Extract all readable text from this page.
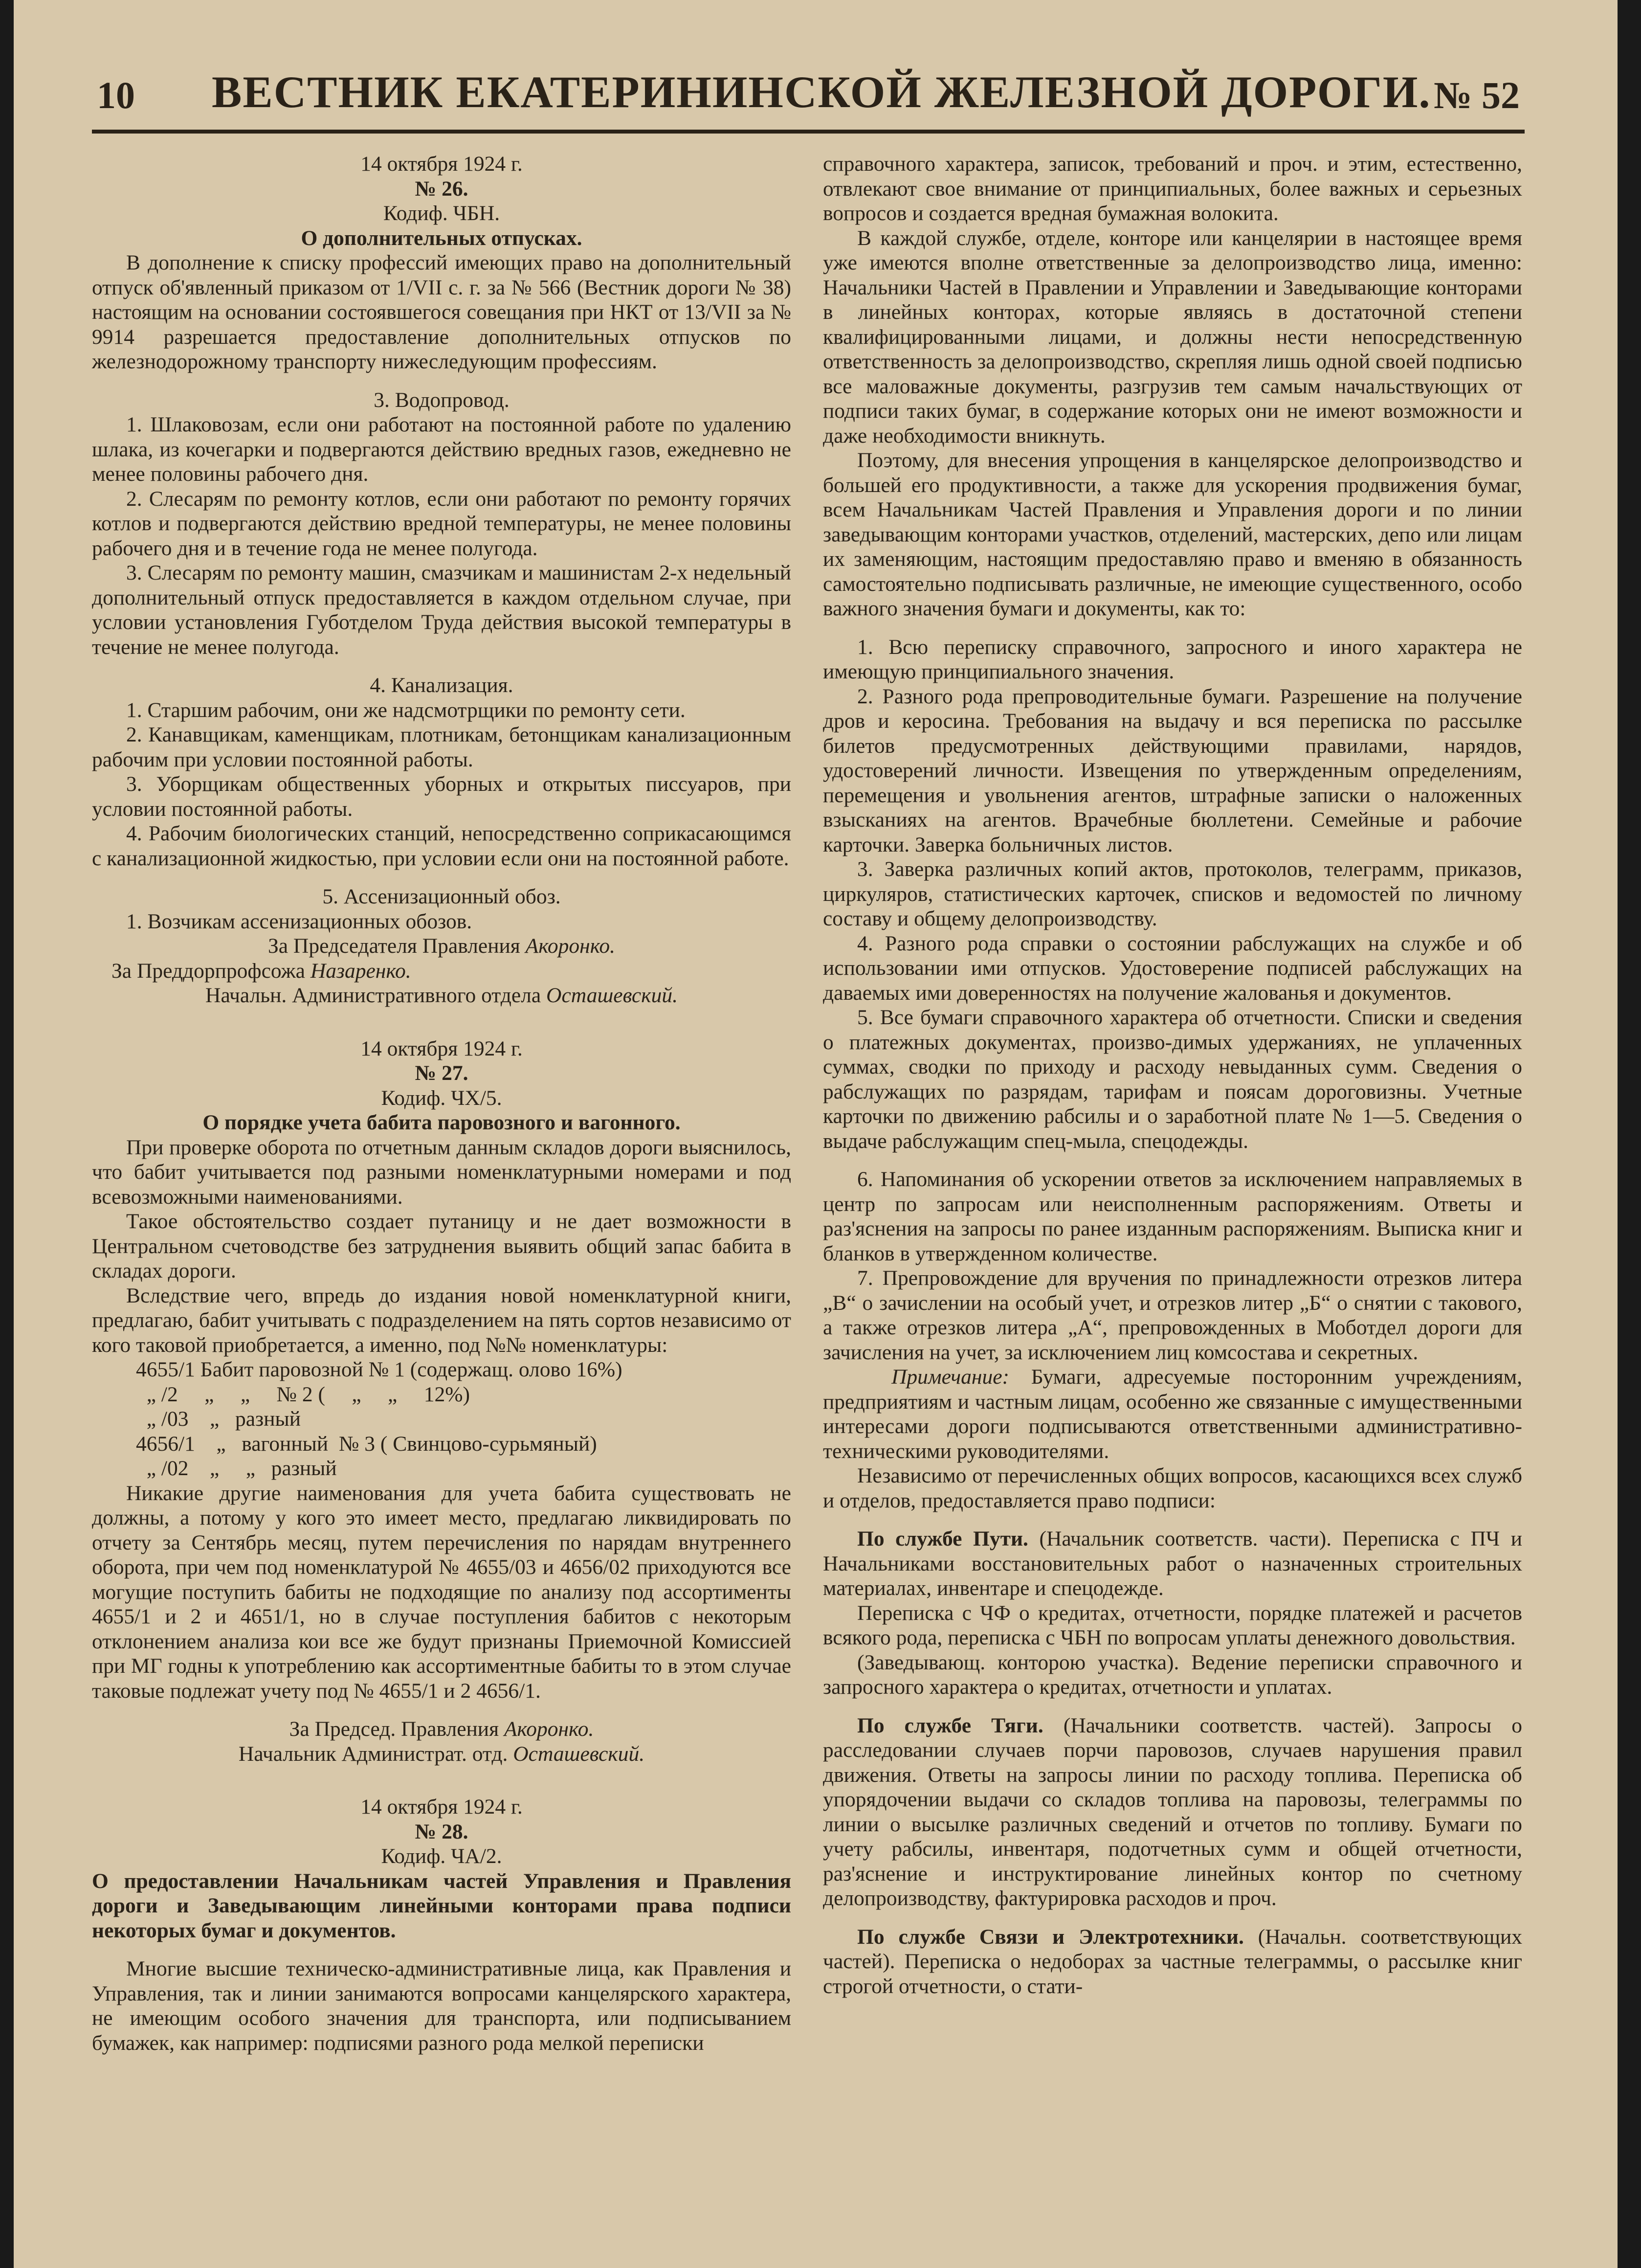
10 ВЕСТНИК ЕКАТЕРИНИНСКОЙ ЖЕЛЕЗНОЙ ДОРОГИ. № 52
14 октября 1924 г.
№ 26.
Кодиф. ЧБН.
О дополнительных отпусках.

В дополнение к списку профессий имеющих право на дополнительный отпуск об'явленный приказом от 1/VII с. г. за № 566 (Вестник дороги № 38) настоящим на основании состоявшегося совещания при НКТ от 13/VII за № 9914 разрешается предоставление дополнительных отпусков по железнодорожному транспорту нижеследующим профессиям.

3. Водопровод.

1. Шлаковозам, если они работают на постоянной работе по удалению шлака, из кочегарки и подвергаются действию вредных газов, ежедневно не менее половины рабочего дня.

2. Слесарям по ремонту котлов, если они работают по ремонту горячих котлов и подвергаются действию вредной температуры, не менее половины рабочего дня и в течение года не менее полугода.

3. Слесарям по ремонту машин, смазчикам и машинистам 2-х недельный дополнительный отпуск предоставляется в каждом отдельном случае, при условии установления Губотделом Труда действия высокой температуры в течение не менее полугода.

4. Канализация.

1. Старшим рабочим, они же надсмотрщики по ремонту сети.

2. Канавщикам, каменщикам, плотникам, бетонщикам канализационным рабочим при условии постоянной работы.

3. Уборщикам общественных уборных и открытых писсуаров, при условии постоянной работы.

4. Рабочим биологических станций, непосредственно соприкасающимся с канализационной жидкостью, при условии если они на постоянной работе.

5. Ассенизационный обоз.

1. Возчикам ассенизационных обозов.

За Председателя Правления Акоронко.
За Преддорпрофсожа Назаренко.
Начальн. Административного отдела Осташевский.
14 октября 1924 г.
№ 27.
Кодиф. ЧХ/5.
О порядке учета бабита паровозного и вагонного.

При проверке оборота по отчетным данным складов дороги выяснилось, что бабит учитывается под разными номенклатурными номерами и под всевозможными наименованиями.

Такое обстоятельство создает путаницу и не дает возможности в Центральном счетоводстве без затруднения выявить общий запас бабита в складах дороги.

Вследствие чего, впредь до издания новой номенклатурной книги, предлагаю, бабит учитывать с подразделением на пять сортов независимо от кого таковой приобретается, а именно, под №№ номенклатуры:

4655/1 Бабит паровозной № 1 (содержащ. олово 16%)

„ /2     „     „     № 2 (     „     „     12%)

„ /03    „   разный

4656/1    „   вагонный  № 3 ( Свинцово-сурьмяный)

„ /02    „     „   разный

Никакие другие наименования для учета бабита существовать не должны, а потому у кого это имеет место, предлагаю ликвидировать по отчету за Сентябрь месяц, путем перечисления по нарядам внутреннего оборота, при чем под номенклатурой № 4655/03 и 4656/02 приходуются все могущие поступить бабиты не подходящие по анализу под ассортименты 4655/1 и 2 и 4651/1, но в случае поступления бабитов с некоторым отклонением анализа кои все же будут признаны Приемочной Комиссией при МГ годны к употреблению как ассортиментные бабиты то в этом случае таковые подлежат учету под № 4655/1 и 2 4656/1.

За Председ. Правления Акоронко.
Начальник Администрат. отд. Осташевский.
14 октября 1924 г.
№ 28.
Кодиф. ЧА/2.
О предоставлении Начальникам частей Управления и Правления дороги и Заведывающим линейными конторами права подписи некоторых бумаг и документов.

Многие высшие техническо-административные лица, как Правления и Управления, так и линии занимаются вопросами канцелярского характера, не имеющим особого значения для транспорта, или подписыванием бумажек, как например: подписями разного рода мелкой переписки

справочного характера, записок, требований и проч. и этим, естественно, отвлекают свое внимание от принципиальных, более важных и серьезных вопросов и создается вредная бумажная волокита.

В каждой службе, отделе, конторе или канцелярии в настоящее время уже имеются вполне ответственные за делопроизводство лица, именно: Начальники Частей в Правлении и Управлении и Заведывающие конторами в линейных конторах, которые являясь в достаточной степени квалифицированными лицами, и должны нести непосредственную ответственность за делопроизводство, скрепляя лишь одной своей подписью все маловажные документы, разгрузив тем самым начальствующих от подписи таких бумаг, в содержание которых они не имеют возможности и даже необходимости вникнуть.

Поэтому, для внесения упрощения в канцелярское делопроизводство и большей его продуктивности, а также для ускорения продвижения бумаг, всем Начальникам Частей Правления и Управления дороги и по линии заведывающим конторами участков, отделений, мастерских, депо или лицам их заменяющим, настоящим предоставляю право и вменяю в обязанность самостоятельно подписывать различные, не имеющие существенного, особо важного значения бумаги и документы, как то:

1. Всю переписку справочного, запросного и иного характера не имеющую принципиального значения.

2. Разного рода препроводительные бумаги. Разрешение на получение дров и керосина. Требования на выдачу и вся переписка по рассылке билетов предусмотренных действующими правилами, нарядов, удостоверений личности. Извещения по утвержденным определениям, перемещения и увольнения агентов, штрафные записки о наложенных взысканиях на агентов. Врачебные бюллетени. Семейные и рабочие карточки. Заверка больничных листов.

3. Заверка различных копий актов, протоколов, телеграмм, приказов, циркуляров, статистических карточек, списков и ведомостей по личному составу и общему делопроизводству.

4. Разного рода справки о состоянии рабслужащих на службе и об использовании ими отпусков. Удостоверение подписей рабслужащих на даваемых ими доверенностях на получение жалованья и документов.

5. Все бумаги справочного характера об отчетности. Списки и сведения о платежных документах, произво-димых удержаниях, не уплаченных суммах, сводки по приходу и расходу невыданных сумм. Сведения о рабслужащих по разрядам, тарифам и поясам дороговизны. Учетные карточки по движению рабсилы и о заработной плате № 1—5. Сведения о выдаче рабслужащим спец-мыла, спецодежды.

6. Напоминания об ускорении ответов за исключением направляемых в центр по запросам или неисполненным распоряжениям. Ответы и раз'яснения на запросы по ранее изданным распоряжениям. Выписка книг и бланков в утвержденном количестве.

7. Препровождение для вручения по принадлежности отрезков литера „В“ о зачислении на особый учет, и отрезков литер „Б“ о снятии с такового, а также отрезков литера „А“, препровожденных в Моботдел дороги для зачисления на учет, за исключением лиц комсостава и секретных.

Примечание: Бумаги, адресуемые посторонним учреждениям, предприятиям и частным лицам, особенно же связанные с имущественными интересами дороги подписываются ответственными административно-техническими руководителями.

Независимо от перечисленных общих вопросов, касающихся всех служб и отделов, предоставляется право подписи:

По службе Пути. (Начальник соответств. части). Переписка с ПЧ и Начальниками восстановительных работ о назначенных строительных материалах, инвентаре и спецодежде.

Переписка с ЧФ о кредитах, отчетности, порядке платежей и расчетов всякого рода, переписка с ЧБН по вопросам уплаты денежного довольствия.

(Заведывающ. конторою участка). Ведение переписки справочного и запросного характера о кредитах, отчетности и уплатах.

По службе Тяги. (Начальники соответств. частей). Запросы о расследовании случаев порчи паровозов, случаев нарушения правил движения. Ответы на запросы линии по расходу топлива. Переписка об упорядочении выдачи со складов топлива на паровозы, телеграммы по линии о высылке различных сведений и отчетов по топливу. Бумаги по учету рабсилы, инвентаря, подотчетных сумм и общей отчетности, раз'яснение и инструктирование линейных контор по счетному делопроизводству, фактурировка расходов и проч.

По службе Связи и Электротехники. (Начальн. соответствующих частей). Переписка о недоборах за частные телеграммы, о рассылке книг строгой отчетности, о стати-
